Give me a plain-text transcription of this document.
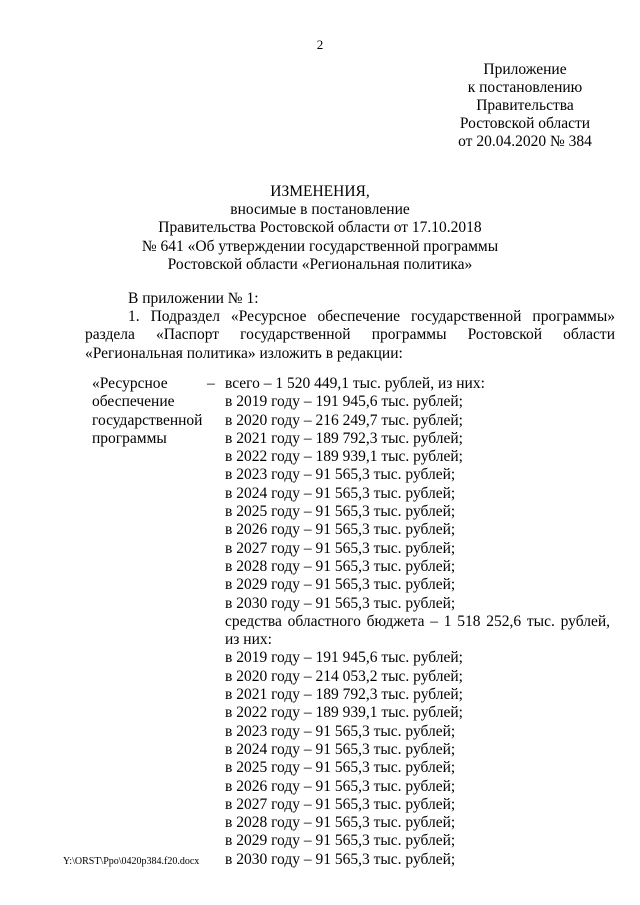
2
Приложение
к постановлению
Правительства
Ростовской области
от 20.04.2020 № 384
ИЗМЕНЕНИЯ,
вносимые в постановление
Правительства Ростовской области от 17.10.2018
№ 641 «Об утверждении государственной программы
Ростовской области «Региональная политика»
В приложении № 1:
1. Подраздел «Ресурсное обеспечение государственной программы»
раздела «Паспорт государственной программы Ростовской области
«Региональная политика» изложить в редакции:
«Ресурсное
обеспечение
государственной
программы
– всего – 1 520 449,1 тыс. рублей, из них:
в 2019 году – 191 945,6 тыс. рублей;
в 2020 году – 216 249,7 тыс. рублей;
в 2021 году – 189 792,3 тыс. рублей;
в 2022 году – 189 939,1 тыс. рублей;
в 2023 году – 91 565,3 тыс. рублей;
в 2024 году – 91 565,3 тыс. рублей;
в 2025 году – 91 565,3 тыс. рублей;
в 2026 году – 91 565,3 тыс. рублей;
в 2027 году – 91 565,3 тыс. рублей;
в 2028 году – 91 565,3 тыс. рублей;
в 2029 году – 91 565,3 тыс. рублей;
в 2030 году – 91 565,3 тыс. рублей;
средства областного бюджета – 1 518 252,6 тыс. рублей,
из них:
в 2019 году – 191 945,6 тыс. рублей;
в 2020 году – 214 053,2 тыс. рублей;
в 2021 году – 189 792,3 тыс. рублей;
в 2022 году – 189 939,1 тыс. рублей;
в 2023 году – 91 565,3 тыс. рублей;
в 2024 году – 91 565,3 тыс. рублей;
в 2025 году – 91 565,3 тыс. рублей;
в 2026 году – 91 565,3 тыс. рублей;
в 2027 году – 91 565,3 тыс. рублей;
в 2028 году – 91 565,3 тыс. рублей;
в 2029 году – 91 565,3 тыс. рублей;
в 2030 году – 91 565,3 тыс. рублей;
Y:\ORST\Ppo\0420p384.f20.docx
